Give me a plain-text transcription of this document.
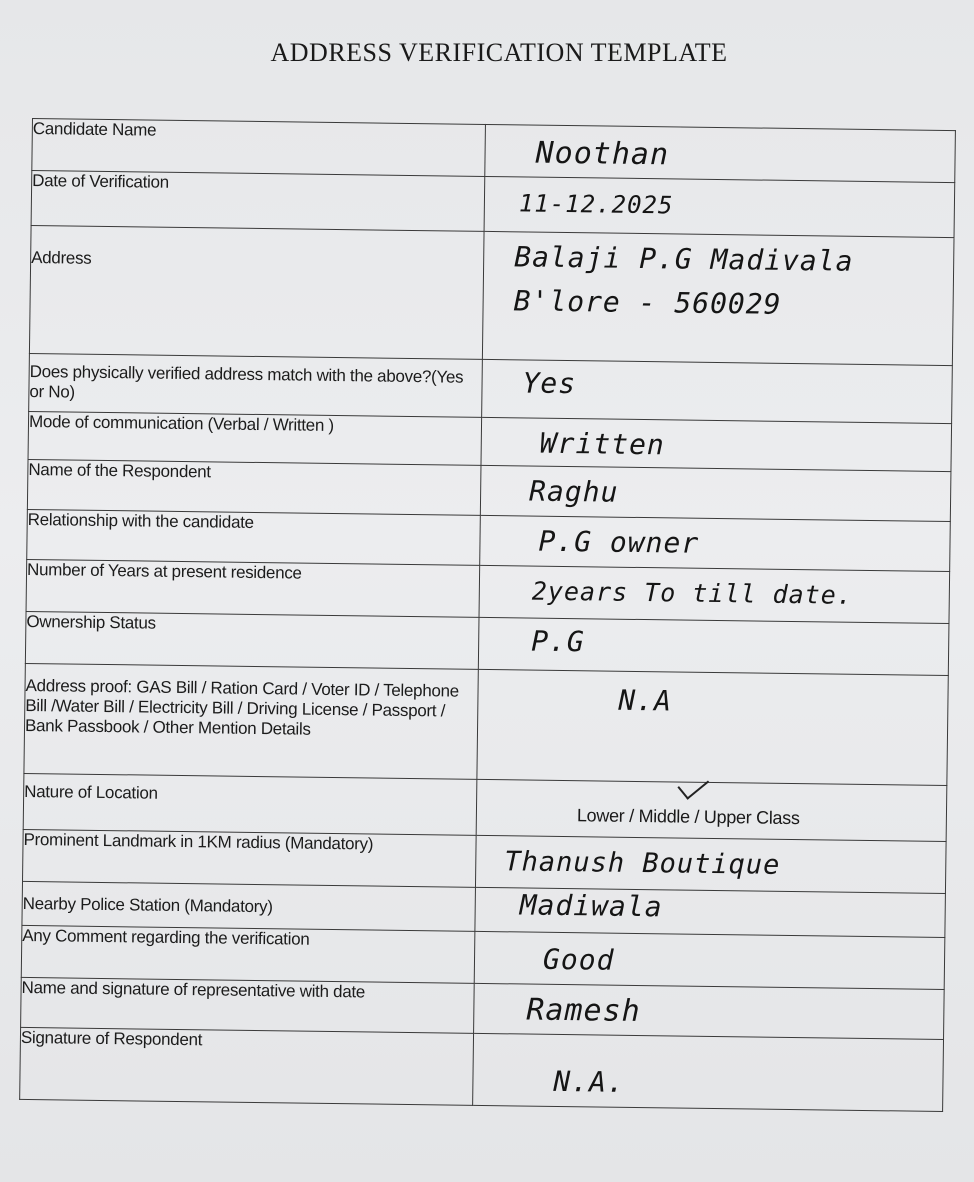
ADDRESS VERIFICATION TEMPLATE
Candidate Name	Noothan

Date of Verification	11-12.2025

Address	Balaji P.G Madivala
B'lore - 560029

Does physically verified address match with the above?(Yes or No)	Yes

Mode of communication (Verbal / Written )	Written

Name of the Respondent	Raghu

Relationship with the candidate	P.G owner

Number of Years at present residence	2years To till date.

Ownership Status	P.G

Address proof: GAS Bill / Ration Card / Voter ID / Telephone Bill /Water Bill / Electricity Bill / Driving License / Passport / Bank Passbook / Other Mention Details	N.A

Nature of Location	Lower / Middle / Upper Class

Prominent Landmark in 1KM radius (Mandatory)	Thanush Boutique

Nearby Police Station (Mandatory)	Madiwala

Any Comment regarding the verification	Good

Name and signature of representative with date	Ramesh

Signature of Respondent	N.A.
